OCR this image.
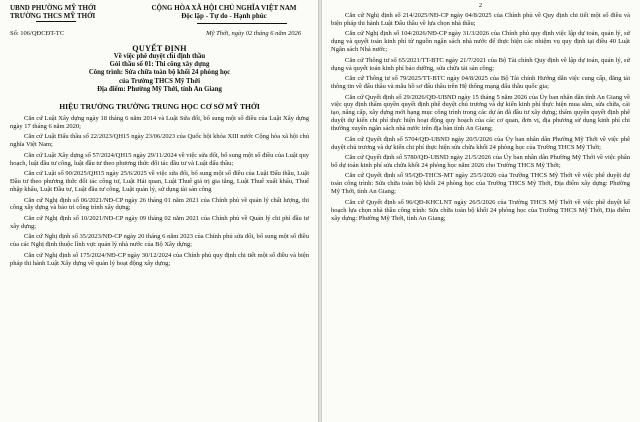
UBND PHƯỜNG MỸ THỚI
TRƯỜNG THCS MỸ THỚI
CỘNG HÒA XÃ HỘI CHỦ NGHĨA VIỆT NAM
Độc lập - Tự do - Hạnh phúc
Số: 106/QĐCĐT-TC	Mỹ Thới, ngày 02 tháng 6 năm 2026
QUYẾT ĐỊNH
Về việc phê duyệt chỉ định thầu
Gói thầu số 01: Thi công xây dựng
Công trình: Sửa chữa toàn bộ khối 24 phòng học
của Trường THCS Mỹ Thới
Địa điểm: Phường Mỹ Thới, tỉnh An Giang
HIỆU TRƯỞNG TRƯỜNG TRUNG HỌC CƠ SỞ MỸ THỚI

Căn cứ Luật Xây dựng ngày 18 tháng 6 năm 2014 và Luật Sửa đổi, bổ sung một số điều của Luật Xây dựng ngày 17 tháng 6 năm 2020;

Căn cứ Luật Đấu thầu số 22/2023/QH15 ngày 23/06/2023 của Quốc hội khóa XIII nước Cộng hòa xã hội chủ nghĩa Việt Nam;

Căn cứ Luật Xây dựng số 57/2024/QH15 ngày 29/11/2024 về việc sửa đổi, bổ sung một số điều của Luật quy hoạch, luật đầu tư công, luật đầu tư theo phương thức đối tác đầu tư và Luật đấu thầu;

Căn cứ Luật số 90/2025/QH15 ngày 25/6/2025 về việc sửa đổi, bổ sung một số điều của Luật Đấu thầu, Luật Đầu tư theo phương thức đối tác công tư, Luật Hải quan, Luật Thuế giá trị gia tăng, Luật Thuế xuất khẩu, Thuế nhập khẩu, Luật Đầu tư, Luật đầu tư công, Luật quản lý, sử dụng tài sản công

Căn cứ Nghị định số 06/2021/NĐ-CP ngày 26 tháng 01 năm 2021 của Chính phủ về quản lý chất lượng, thi công xây dựng và bảo trì công trình xây dựng;

Căn cứ Nghị định số 10/2021/NĐ-CP ngày 09 tháng 02 năm 2021 của Chính phủ về Quản lý chi phí đầu tư xây dựng;

Căn cứ Nghị định số 35/2023/NĐ-CP ngày 20 tháng 6 năm 2023 của Chính phủ sửa đổi, bổ sung một số điều của các Nghị định thuộc lĩnh vực quản lý nhà nước của Bộ Xây dựng;

Căn cứ Nghị định số 175/2024/NĐ-CP ngày 30/12/2024 của Chính phủ quy định chi tiết một số điều và biện pháp thi hành Luật Xây dựng về quản lý hoạt động xây dựng;

2

Căn cứ Nghị định số 214/2025/NĐ-CP ngày 04/8/2025 của Chính phủ về Quy định chi tiết một số điều và biện pháp thi hành Luật Đấu thầu về lựa chọn nhà thầu;

Căn cứ Nghị định số 104/2026/NĐ-CP ngày 31/3/2026 của Chính phủ quy định việc lập dự toán, quản lý, sử dụng và quyết toán kinh phí từ nguồn ngân sách nhà nước để thực hiện các nhiệm vụ quy định tại điều 40 Luật Ngân sách Nhà nước;

Căn cứ Thông tư số 65/2021/TT-BTC ngày 21/7/2021 của Bộ Tài chính Quy định về lập dự toán, quản lý, sử dụng và quyết toán kinh phí bảo dưỡng, sửa chữa tài sản công;

Căn cứ Thông tư số 79/2025/TT-BTC ngày 04/8/2025 của Bộ Tài chính Hướng dẫn việc cung cấp, đăng tải thông tin về đấu thầu và mẫu hồ sơ đấu thầu trên Hệ thống mạng đấu thầu quốc gia;

Căn cứ Quyết định số 29/2026/QĐ-UBND ngày 15 tháng 5 năm 2026 của Ủy ban nhân dân tỉnh An Giang về việc quy định thẩm quyền quyết định phê duyệt chủ trương và dự kiến kinh phí thực hiện mua sắm, sửa chữa, cải tạo, nâng cấp, xây dựng mới hạng mục công trình trong các dự án đã đầu tư xây dựng; thẩm quyền quyết định phê duyệt dự kiến chi phí thực hiện hoạt động quy hoạch của các cơ quan, đơn vị, địa phương sử dụng kinh phí chi thường xuyên ngân sách nhà nước trên địa bàn tỉnh An Giang;

Căn cứ Quyết định số 5704/QĐ-UBND ngày 20/5/2026 của Ủy ban nhân dân Phường Mỹ Thới về việc phê duyệt chủ trương và dự kiến chi phí thực hiện sửa chữa khối 24 phòng học của Trường THCS Mỹ Thới;

Căn cứ Quyết định số 5780/QĐ-UBND ngày 21/5/2026 của Ủy ban nhân dân Phường Mỹ Thới về việc phân bổ dự toán kinh phí sửa chữa khối 24 phòng học năm 2026 cho Trường THCS Mỹ Thới;

Căn cứ Quyết định số 95/QĐ-THCS-MT ngày 25/5/2026 của Trường THCS Mỹ Thới về việc phê duyệt dự toán công trình: Sửa chữa toàn bộ khối 24 phòng học của Trường THCS Mỹ Thới, Địa điểm xây dựng: Phường Mỹ Thới, tỉnh An Giang;

Căn cứ Quyết định số 96/QĐ-KHCLNT ngày 26/5/2026 của Trường THCS Mỹ Thới về việc phê duyệt kế hoạch lựa chọn nhà thầu công trình: Sửa chữa toàn bộ khối 24 phòng học của Trường THCS Mỹ Thới, Địa điểm xây dựng: Phường Mỹ Thới, tỉnh An Giang;
